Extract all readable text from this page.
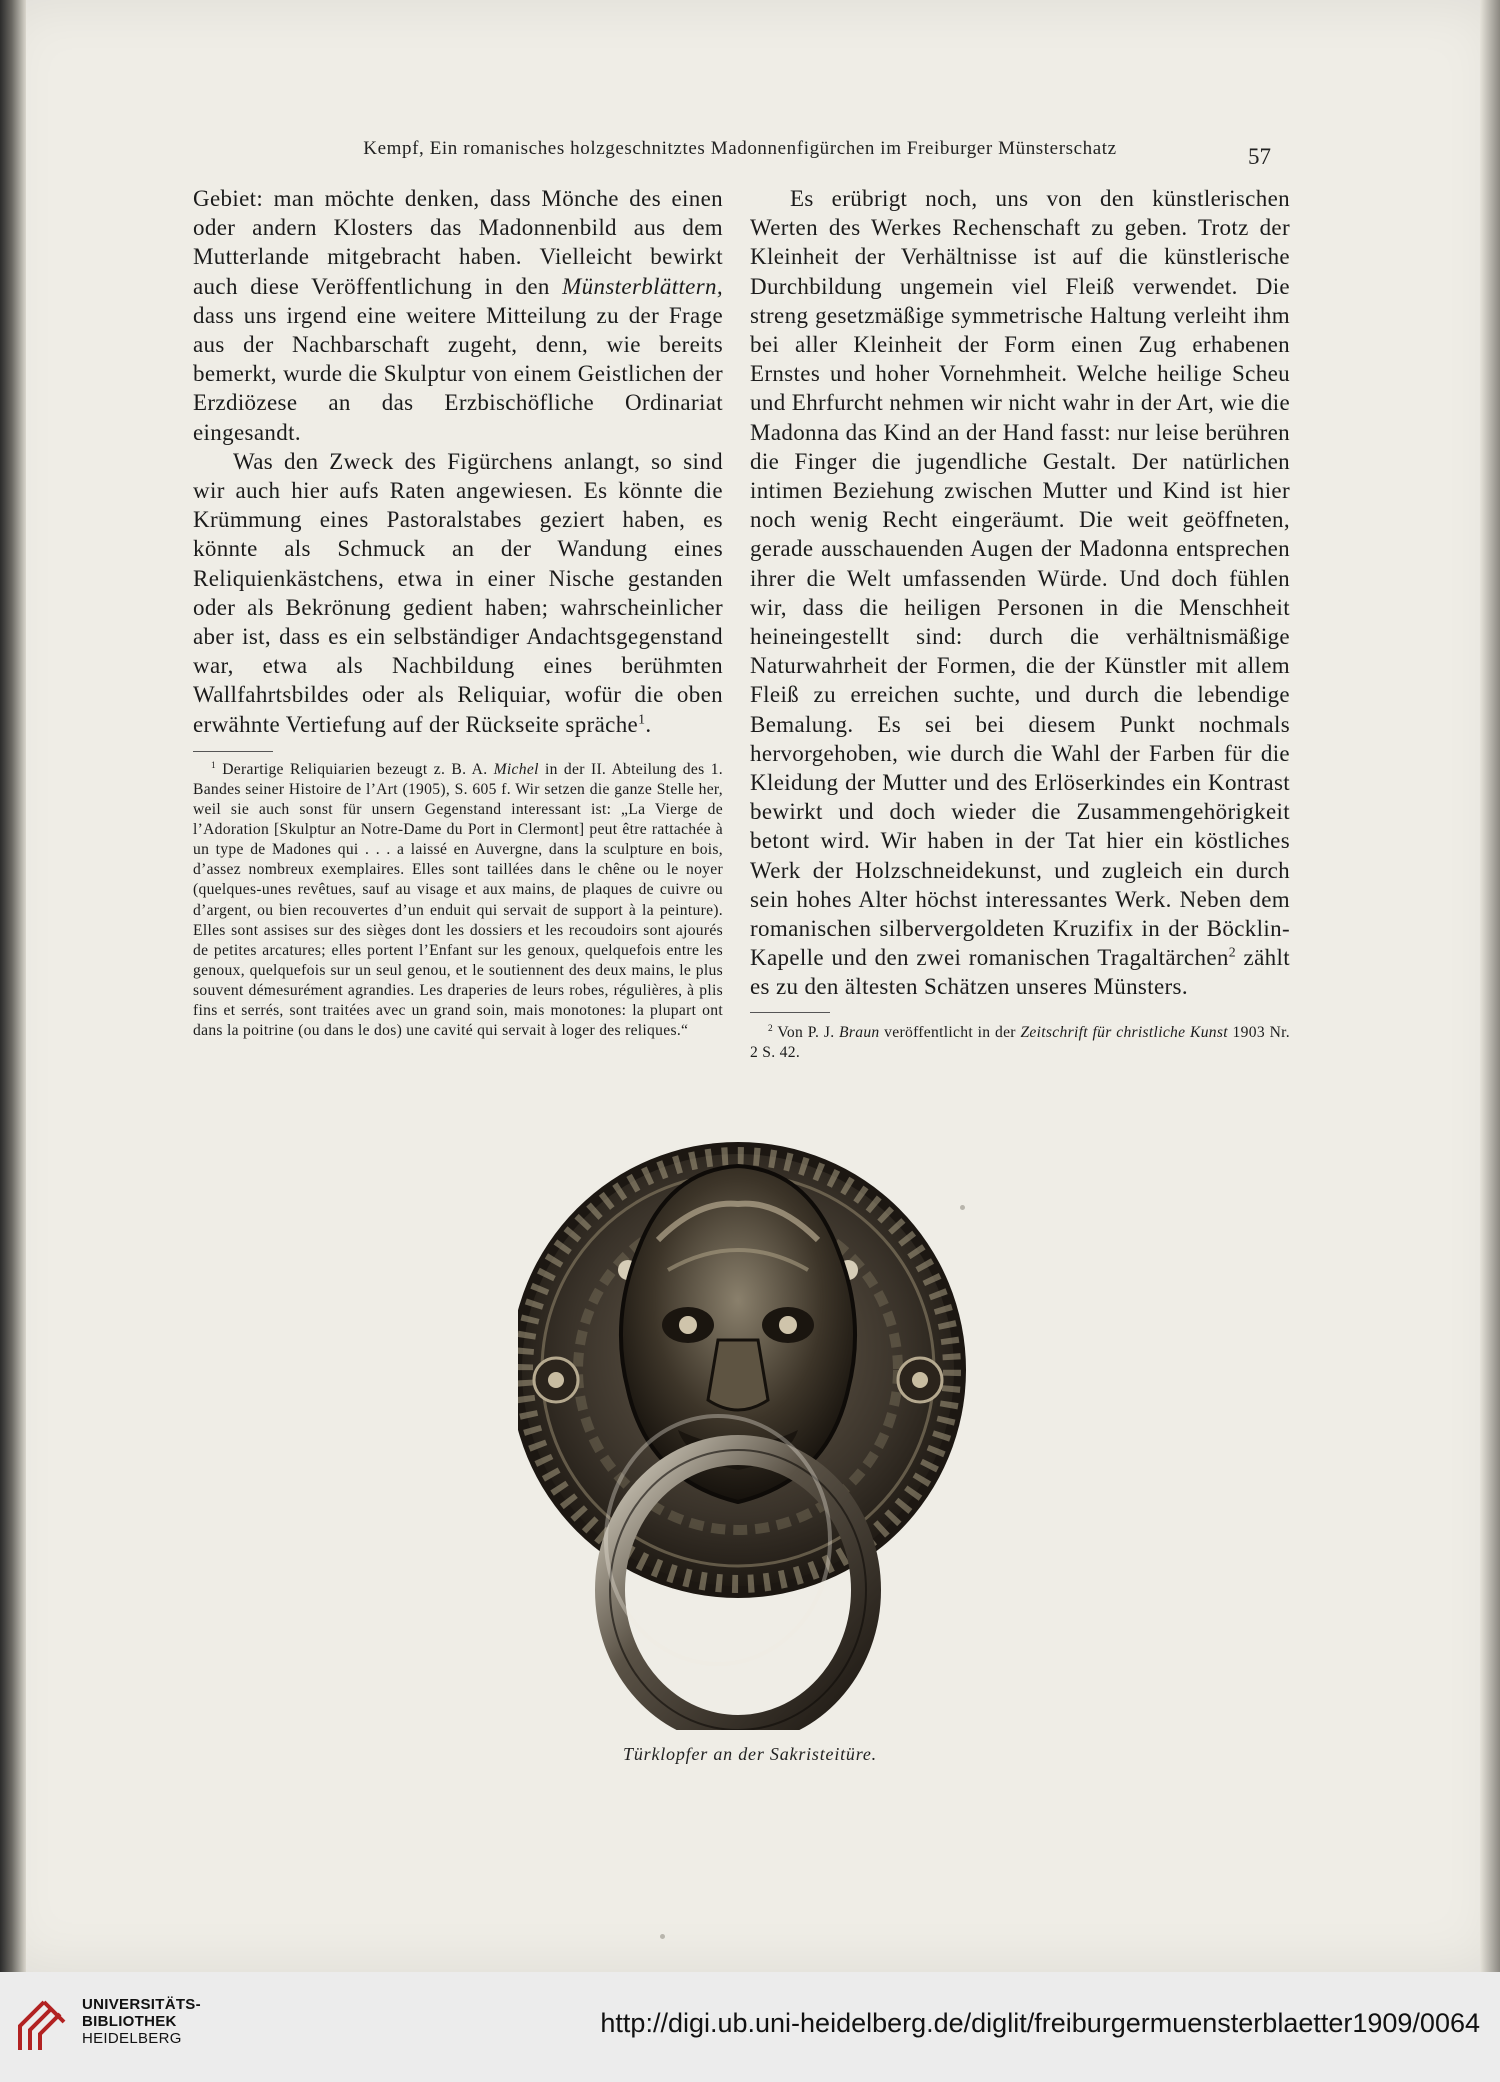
Kempf, Ein romanisches holzgeschnitztes Madonnenfigürchen im Freiburger Münsterschatz	57

Gebiet: man möchte denken, dass Mönche des einen oder andern Klosters das Madonnenbild aus dem Mutterlande mitgebracht haben. Vielleicht bewirkt auch diese Veröffentlichung in den Münsterblättern, dass uns irgend eine weitere Mitteilung zu der Frage aus der Nachbarschaft zugeht, denn, wie bereits bemerkt, wurde die Skulptur von einem Geistlichen der Erzdiözese an das Erzbischöfliche Ordinariat eingesandt.

Was den Zweck des Figürchens anlangt, so sind wir auch hier aufs Raten angewiesen. Es könnte die Krümmung eines Pastoralstabes geziert haben, es könnte als Schmuck an der Wandung eines Reliquienkästchens, etwa in einer Nische gestanden oder als Bekrönung gedient haben; wahrscheinlicher aber ist, dass es ein selbständiger Andachtsgegenstand war, etwa als Nachbildung eines berühmten Wallfahrtsbildes oder als Reliquiar, wofür die oben erwähnte Vertiefung auf der Rückseite spräche$^1$.

$^1$ Derartige Reliquiarien bezeugt z. B. A. Michel in der II. Abteilung des 1. Bandes seiner Histoire de l’Art (1905), S. 605 f. Wir setzen die ganze Stelle her, weil sie auch sonst für unsern Gegenstand interessant ist: „La Vierge de l’Adoration [Skulptur an Notre-Dame du Port in Clermont] peut être rattachée à un type de Madones qui . . . a laissé en Auvergne, dans la sculpture en bois, d’assez nombreux exemplaires. Elles sont taillées dans le chêne ou le noyer (quelques-unes revêtues, sauf au visage et aux mains, de plaques de cuivre ou d’argent, ou bien recouvertes d’un enduit qui servait de support à la peinture). Elles sont assises sur des sièges dont les dossiers et les recoudoirs sont ajourés de petites arcatures; elles portent l’Enfant sur les genoux, quelquefois entre les genoux, quelquefois sur un seul genou, et le soutiennent des deux mains, le plus souvent démesurément agrandies. Les draperies de leurs robes, régulières, à plis fins et serrés, sont traitées avec un grand soin, mais monotones: la plupart ont dans la poitrine (ou dans le dos) une cavité qui servait à loger des reliques.“

Es erübrigt noch, uns von den künstlerischen Werten des Werkes Rechenschaft zu geben. Trotz der Kleinheit der Verhältnisse ist auf die künstlerische Durchbildung ungemein viel Fleiß verwendet. Die streng gesetzmäßige symmetrische Haltung verleiht ihm bei aller Kleinheit der Form einen Zug erhabenen Ernstes und hoher Vornehmheit. Welche heilige Scheu und Ehrfurcht nehmen wir nicht wahr in der Art, wie die Madonna das Kind an der Hand fasst: nur leise berühren die Finger die jugendliche Gestalt. Der natürlichen intimen Beziehung zwischen Mutter und Kind ist hier noch wenig Recht eingeräumt. Die weit geöffneten, gerade ausschauenden Augen der Madonna entsprechen ihrer die Welt umfassenden Würde. Und doch fühlen wir, dass die heiligen Personen in die Menschheit heineingestellt sind: durch die verhältnismäßige Naturwahrheit der Formen, die der Künstler mit allem Fleiß zu erreichen suchte, und durch die lebendige Bemalung. Es sei bei diesem Punkt nochmals hervorgehoben, wie durch die Wahl der Farben für die Kleidung der Mutter und des Erlöserkindes ein Kontrast bewirkt und doch wieder die Zusammengehörigkeit betont wird. Wir haben in der Tat hier ein köstliches Werk der Holzschneidekunst, und zugleich ein durch sein hohes Alter höchst interessantes Werk. Neben dem romanischen silbervergoldeten Kruzifix in der Böcklin-Kapelle und den zwei romanischen Tragaltärchen$^2$ zählt es zu den ältesten Schätzen unseres Münsters.

$^2$ Von P. J. Braun veröffentlicht in der Zeitschrift für christliche Kunst 1903 Nr. 2 S. 42.

Türklopfer an der Sakristeitüre.
UNIVERSITÄTS-
BIBLIOTHEK
HEIDELBERG
http://digi.ub.uni-heidelberg.de/diglit/freiburgermuensterblaetter1909/0064
